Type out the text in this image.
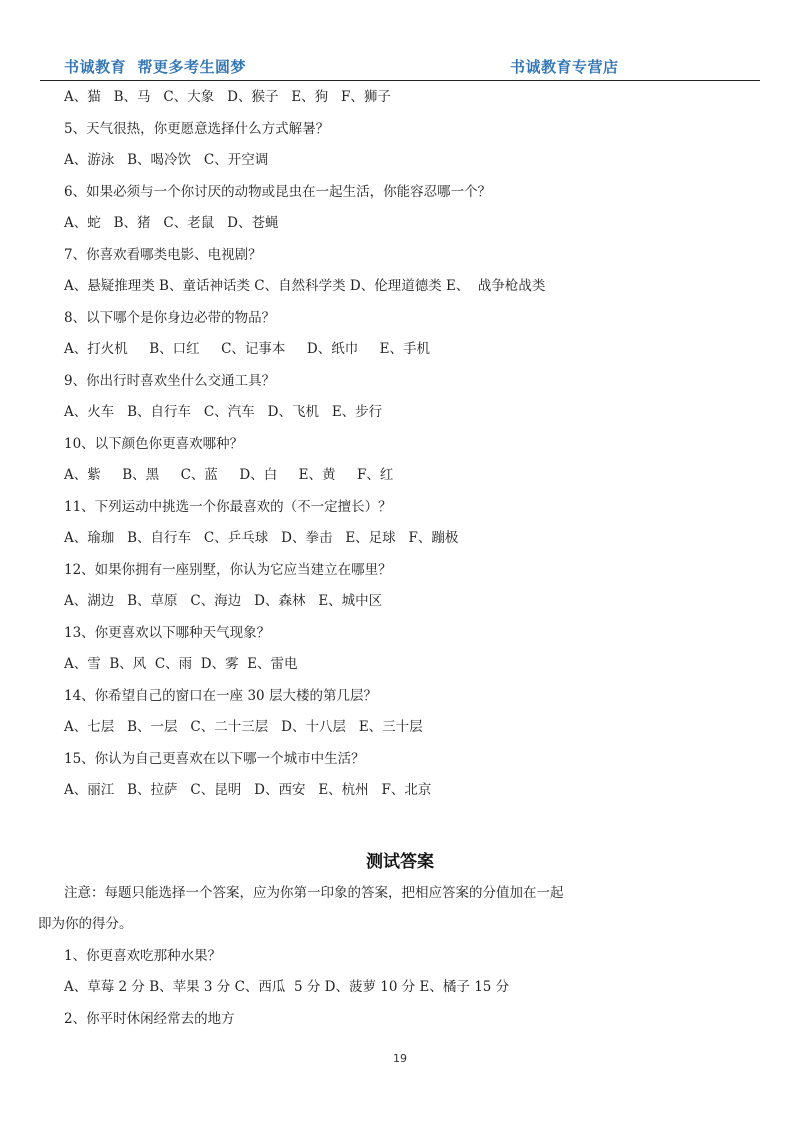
书诚教育  帮更多考生圆梦	书诚教育专营店
A、猫   B、马   C、大象   D、猴子   E、狗   F、狮子
5、天气很热，你更愿意选择什么方式解暑？
A、游泳   B、喝冷饮   C、开空调
6、如果必须与一个你讨厌的动物或昆虫在一起生活，你能容忍哪一个？
A、蛇   B、猪   C、老鼠   D、苍蝇
7、你喜欢看哪类电影、电视剧？
A、悬疑推理类 B、童话神话类 C、自然科学类 D、伦理道德类 E、  战争枪战类
8、以下哪个是你身边必带的物品？
A、打火机     B、口红     C、记事本     D、纸巾     E、手机
9、你出行时喜欢坐什么交通工具？
A、火车   B、自行车   C、汽车   D、飞机   E、步行
10、以下颜色你更喜欢哪种？
A、紫     B、黑     C、蓝     D、白     E、黄     F、红
11、下列运动中挑选一个你最喜欢的（不一定擅长）？
A、瑜珈   B、自行车   C、乒乓球   D、拳击   E、足球   F、蹦极
12、如果你拥有一座别墅，你认为它应当建立在哪里？
A、湖边   B、草原   C、海边   D、森林   E、城中区
13、你更喜欢以下哪种天气现象？
A、雪  B、风  C、雨  D、雾  E、雷电
14、你希望自己的窗口在一座 30 层大楼的第几层？
A、七层   B、一层   C、二十三层   D、十八层   E、三十层
15、你认为自己更喜欢在以下哪一个城市中生活？
A、丽江   B、拉萨   C、昆明   D、西安   E、杭州   F、北京
测试答案
注意：每题只能选择一个答案，应为你第一印象的答案，把相应答案的分值加在一起
即为你的得分。
1、你更喜欢吃那种水果？
A、草莓 2 分 B、苹果 3 分 C、西瓜  5 分 D、菠萝 10 分 E、橘子 15 分
2、你平时休闲经常去的地方
19
